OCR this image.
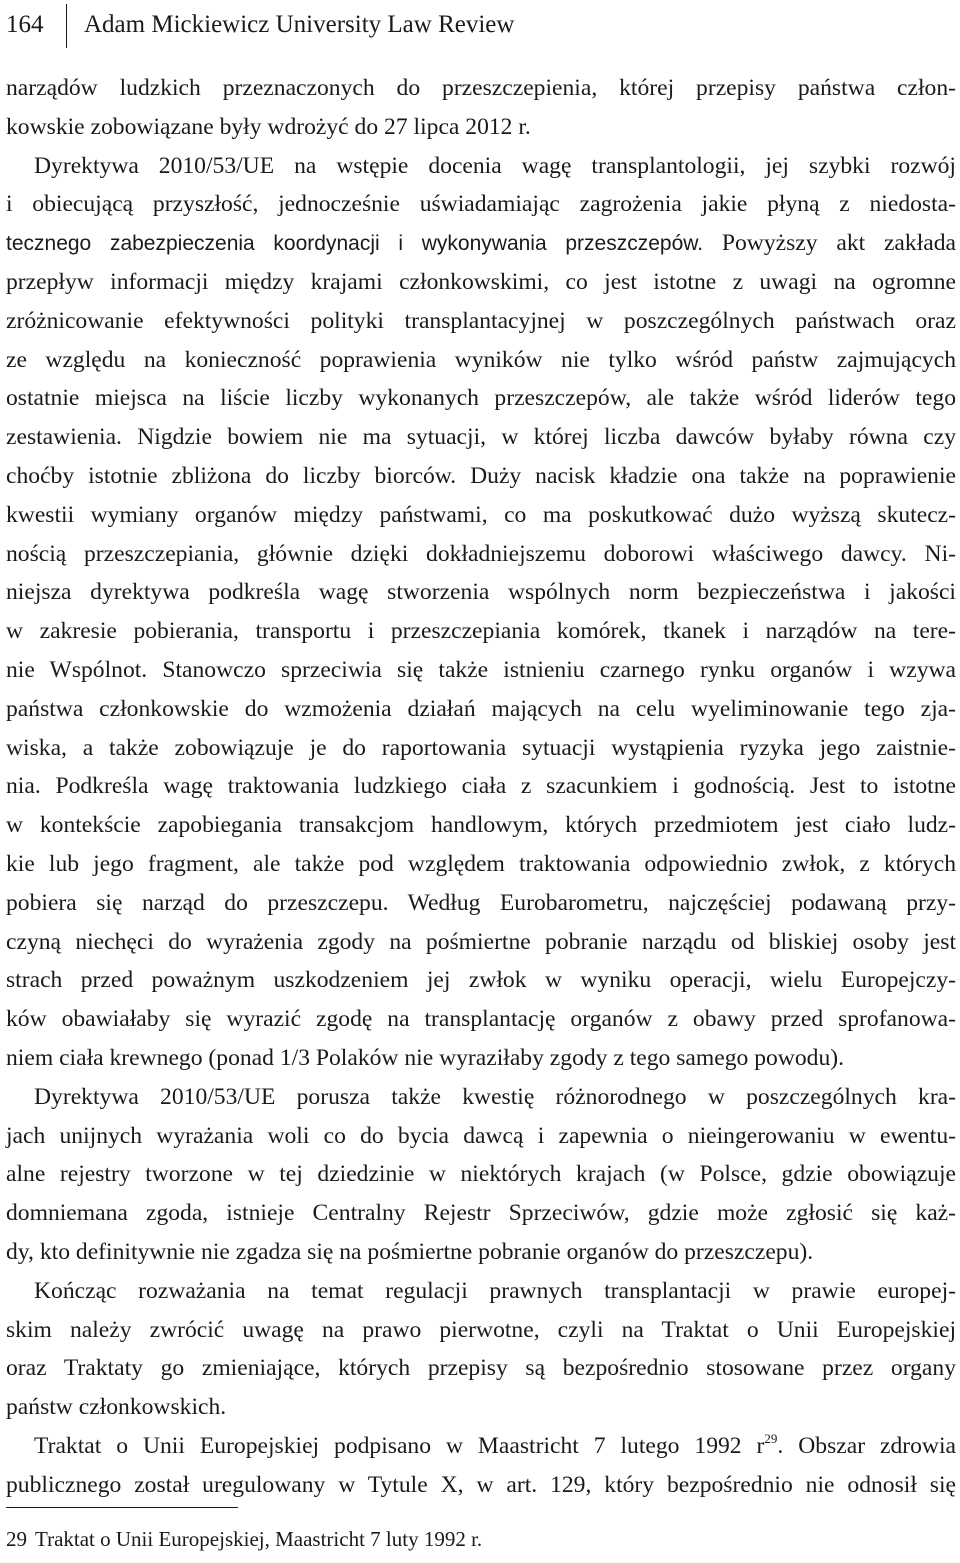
164 Adam Mickiewicz University Law Review
narządów ludzkich przeznaczonych do przeszczepienia, której przepisy państwa człon-
kowskie zobowiązane były wdrożyć do 27 lipca 2012 r.
Dyrektywa 2010/53/UE na wstępie docenia wagę transplantologii, jej szybki rozwój
i obiecującą przyszłość, jednocześnie uświadamiając zagrożenia jakie płyną z niedosta-
tecznego zabezpieczenia koordynacji i wykonywania przeszczepów. Powyższy akt zakłada
przepływ informacji między krajami członkowskimi, co jest istotne z uwagi na ogromne
zróżnicowanie efektywności polityki transplantacyjnej w poszczególnych państwach oraz
ze względu na konieczność poprawienia wyników nie tylko wśród państw zajmujących
ostatnie miejsca na liście liczby wykonanych przeszczepów, ale także wśród liderów tego
zestawienia. Nigdzie bowiem nie ma sytuacji, w której liczba dawców byłaby równa czy
choćby istotnie zbliżona do liczby biorców. Duży nacisk kładzie ona także na poprawienie
kwestii wymiany organów między państwami, co ma poskutkować dużo wyższą skutecz-
nością przeszczepiania, głównie dzięki dokładniejszemu doborowi właściwego dawcy. Ni-
niejsza dyrektywa podkreśla wagę stworzenia wspólnych norm bezpieczeństwa i jakości
w zakresie pobierania, transportu i przeszczepiania komórek, tkanek i narządów na tere-
nie Wspólnot. Stanowczo sprzeciwia się także istnieniu czarnego rynku organów i wzywa
państwa członkowskie do wzmożenia działań mających na celu wyeliminowanie tego zja-
wiska, a także zobowiązuje je do raportowania sytuacji wystąpienia ryzyka jego zaistnie-
nia. Podkreśla wagę traktowania ludzkiego ciała z szacunkiem i godnością. Jest to istotne
w kontekście zapobiegania transakcjom handlowym, których przedmiotem jest ciało ludz-
kie lub jego fragment, ale także pod względem traktowania odpowiednio zwłok, z których
pobiera się narząd do przeszczepu. Według Eurobarometru, najczęściej podawaną przy-
czyną niechęci do wyrażenia zgody na pośmiertne pobranie narządu od bliskiej osoby jest
strach przed poważnym uszkodzeniem jej zwłok w wyniku operacji, wielu Europejczy-
ków obawiałaby się wyrazić zgodę na transplantację organów z obawy przed sprofanowa-
niem ciała krewnego (ponad 1/3 Polaków nie wyraziłaby zgody z tego samego powodu).
Dyrektywa 2010/53/UE porusza także kwestię różnorodnego w poszczególnych kra-
jach unijnych wyrażania woli co do bycia dawcą i zapewnia o nieingerowaniu w ewentu-
alne rejestry tworzone w tej dziedzinie w niektórych krajach (w Polsce, gdzie obowiązuje
domniemana zgoda, istnieje Centralny Rejestr Sprzeciwów, gdzie może zgłosić się każ-
dy, kto definitywnie nie zgadza się na pośmiertne pobranie organów do przeszczepu).
Kończąc rozważania na temat regulacji prawnych transplantacji w prawie europej-
skim należy zwrócić uwagę na prawo pierwotne, czyli na Traktat o Unii Europejskiej
oraz Traktaty go zmieniające, których przepisy są bezpośrednio stosowane przez organy
państw członkowskich.
Traktat o Unii Europejskiej podpisano w Maastricht 7 lutego 1992 $r^{29}$. Obszar zdrowia
publicznego został uregulowany w Tytule X, w art. 129, który bezpośrednio nie odnosił się
29 Traktat o Unii Europejskiej, Maastricht 7 luty 1992 r.
